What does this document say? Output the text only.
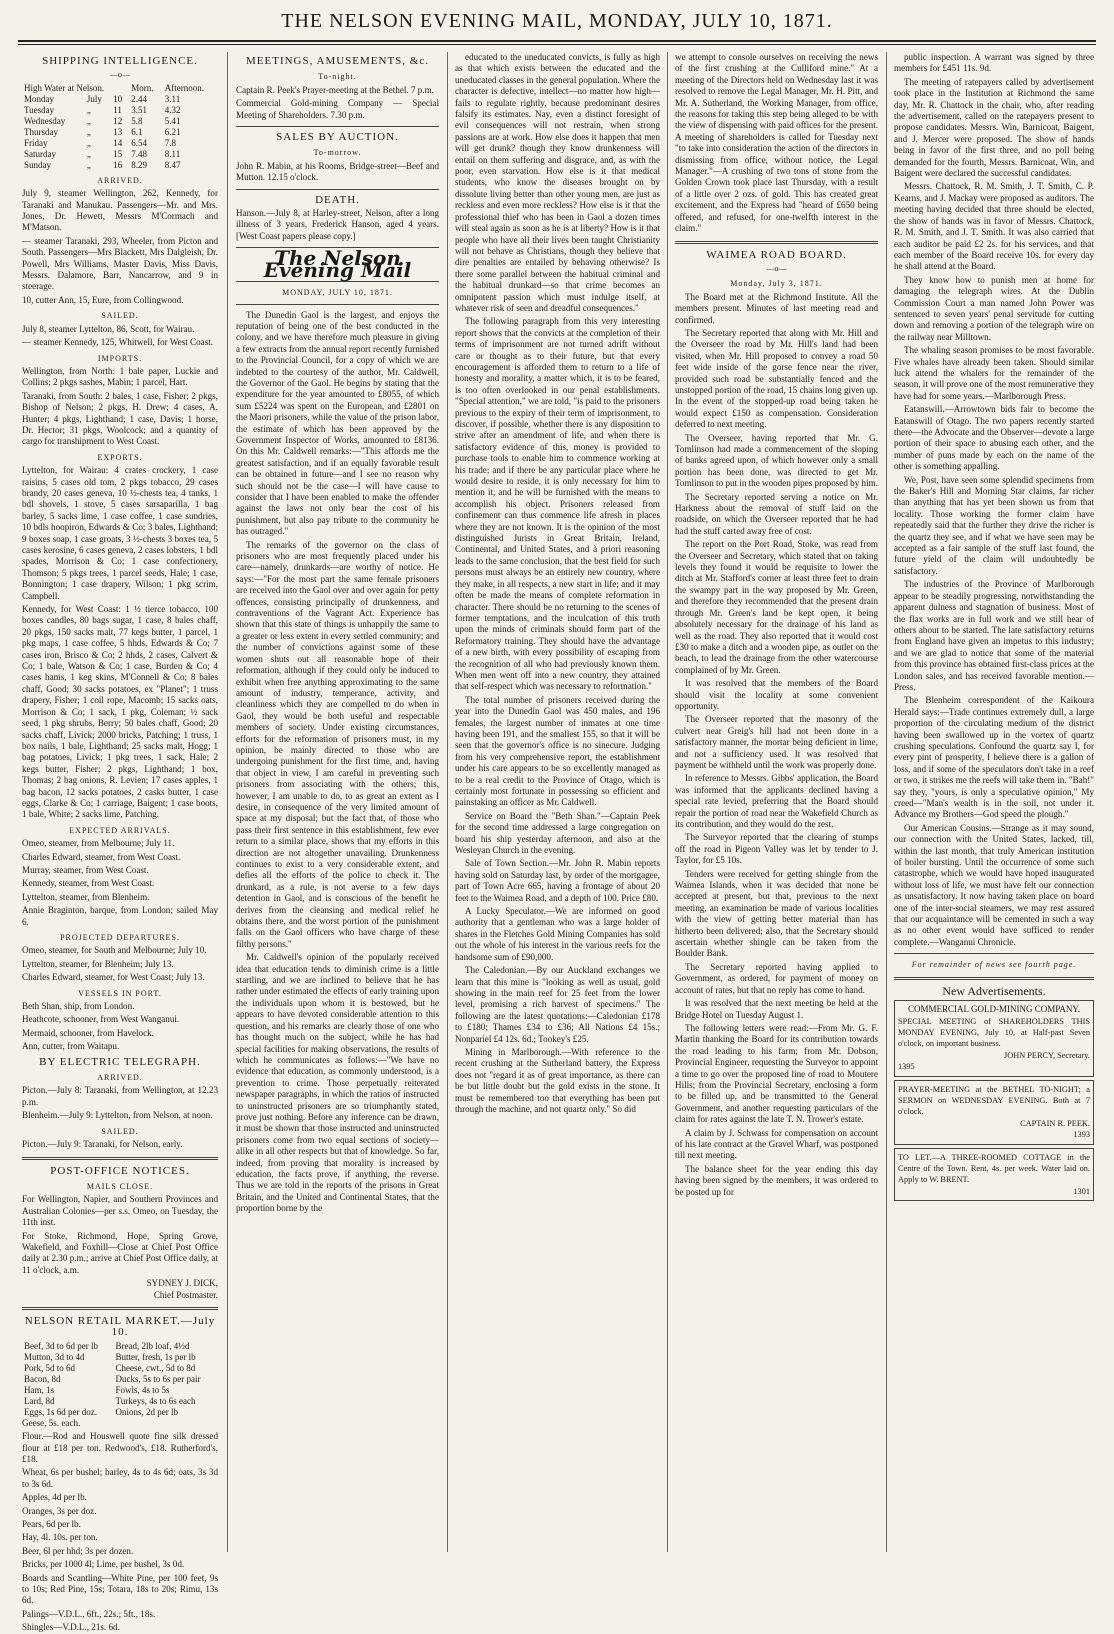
THE NELSON EVENING MAIL, MONDAY, JULY 10, 1871.
SHIPPING INTELLIGENCE.
—o—
High Water at Nelson.			Morn.	Afternoon.
Monday	July	10	2.44	3.11
Tuesday	„	11	3.51	4.32
Wednesday	„	12	5.8	5.41
Thursday	„	13	6.1	6.21
Friday	„	14	6.54	7.8
Saturday	„	15	7.48	8.11
Sunday	„	16	8.29	8.47
ARRIVED.

July 9, steamer Wellington, 262, Kennedy, for Taranaki and Manukau. Passengers—Mr. and Mrs. Jones, Dr. Hewett, Messrs M'Cormach and M'Matson.

— steamer Taranaki, 293, Wheeler, from Picton and South. Passengers—Mrs Blackett, Mrs Dalgleish, Dr. Powell, Mrs Williams, Master Davis, Miss Davis, Messrs. Dalamore, Barr, Nancarrow, and 9 in steerage.

10, cutter Ann, 15, Eure, from Collingwood.

SAILED.

July 8, steamer Lyttelton, 86, Scott, for Wairau.

— steamer Kennedy, 125, Whitwell, for West Coast.

IMPORTS.

Wellington, from North: 1 bale paper, Luckie and Collins; 2 pkgs sashes, Mabin; 1 parcel, Hart.

Taranaki, from South: 2 bales, 1 case, Fisher; 2 pkgs, Bishop of Nelson; 2 pkgs, H. Drew; 4 cases, A. Hunter; 4 pkgs, Lighthand; 1 case, Davis; 1 horse, Dr. Hector; 31 pkgs, Woolcock; and a quantity of cargo for transhipment to West Coast.

EXPORTS.

Lyttelton, for Wairau: 4 crates crockery, 1 case raisins, 5 cases old tom, 2 pkgs tobacco, 29 cases brandy, 20 cases geneva, 10 ½-chests tea, 4 tanks, 1 bdl shovels, 1 stove, 5 cases sarsaparilla, 1 bag barley, 5 sacks lime, 1 case coffee, 1 case sundries, 10 bdls hoopiron, Edwards & Co; 3 bales, Lighthand; 9 boxes soap, 1 case groats, 3 ½-chests 3 boxes tea, 5 cases kerosine, 6 cases geneva, 2 cases lobsters, 1 bdl spades, Morrison & Co; 1 case confectionery, Thomson; 5 pkgs trees, 1 parcel seeds, Hale; 1 case, Bonnington; 1 case drapery, Wilson; 1 pkg scrim, Campbell.

Kennedy, for West Coast: 1 ½ tierce tobacco, 100 boxes candles, 80 bags sugar, 1 case, 8 bales chaff, 20 pkgs, 150 sacks malt, 77 kegs butter, 1 parcel, 1 pkg maps, 1 case coffee, 5 hhds, Edwards & Co; 7 cases iron, Brisco & Co; 2 hhds, 2 cases, Calvert & Co; 1 bale, Watson & Co; 1 case, Burden & Co; 4 cases hams, 1 keg skins, M'Connell & Co; 8 bales chaff, Good; 30 sacks potatoes, ex "Planet"; 1 truss drapery, Fisher; 1 coil rope, Macomb; 15 sacks oats, Morrison & Co; 1 sack, 1 pkg, Coleman; ½ sack seed, 1 pkg shrubs, Berry; 50 bales chaff, Good; 20 sacks chaff, Livick; 2000 bricks, Patching; 1 truss, 1 box nails, 1 bale, Lighthand; 25 sacks malt, Hogg; 1 bag potatoes, Livick; 1 pkg trees, 1 sack, Hale; 2 kegs butter, Fisher; 2 pkgs, Lighthand; 1 box, Thomas; 2 bag onions, R. Levien; 17 cases apples, 1 bag bacon, 12 sacks potatoes, 2 casks butter, 1 case eggs, Clarke & Co; 1 carriage, Baigent; 1 case boots, 1 bale, White; 2 sacks lime, Patching.

EXPECTED ARRIVALS.

Omeo, steamer, from Melbourne; July 11.

Charles Edward, steamer, from West Coast.

Murray, steamer, from West Coast.

Kennedy, steamer, from West Coast.

Lyttelton, steamer, from Blenheim.

Annie Braginton, barque, from London; sailed May 6.

PROJECTED DEPARTURES.

Omeo, steamer, for South and Melbourne; July 10.

Lyttelton, steamer, for Blenheim; July 13.

Charles Edward, steamer, for West Coast; July 13.

VESSELS IN PORT.

Beth Shan, ship, from London.

Heathcote, schooner, from West Wanganui.

Mermaid, schooner, from Havelock.

Ann, cutter, from Waitapu.

BY ELECTRIC TELEGRAPH.
ARRIVED.

Picton.—July 8: Taranaki, from Wellington, at 12.23 p.m.

Blenheim.—July 9: Lyttelton, from Nelson, at noon.

SAILED.

Picton.—July 9: Taranaki, for Nelson, early.

POST-OFFICE NOTICES.
MAILS CLOSE.

For Wellington, Napier, and Southern Provinces and Australian Colonies—per s.s. Omeo, on Tuesday, the 11th inst.

For Stoke, Richmond, Hope, Spring Grove, Wakefield, and Foxhill—Close at Chief Post Office daily at 2.30 p.m.; arrive at Chief Post Office daily, at 11 o'clock, a.m.

SYDNEY J. DICK,
Chief Postmaster.
NELSON RETAIL MARKET.—July 10.
Beef, 3d to 6d per lb	Bread, 2lb loaf, 4½d
Mutton, 3d to 4d	Butter, fresh, 1s per lb
Pork, 5d to 6d	Cheese, cwt., 5d to 8d
Bacon, 8d	Ducks, 5s to 6s per pair
Ham, 1s	Fowls, 4s to 5s
Lard, 8d	Turkeys, 4s to 6s each
Eggs, 1s 6d per doz.	Onions, 2d per lb

Geese, 5s. each.

Flour.—Rod and Houswell quote fine silk dressed flour at £18 per ton. Redwood's, £18. Rutherford's, £18.

Wheat, 6s per bushel; barley, 4s to 4s 6d; oats, 3s 3d to 3s 6d.

Apples, 4d per lb.

Oranges, 3s per doz.

Pears, 6d per lb.

Hay, 4l. 10s. per ton.

Beer, 6l per hhd; 3s per dozen.

Bricks, per 1000 4l; Lime, per bushel, 3s 0d.

Boards and Scantling—White Pine, per 100 feet, 9s to 10s; Red Pine, 15s; Totara, 18s to 20s; Rimu, 13s 6d.

Palings—V.D.L., 6ft., 22s.; 5ft., 18s.

Shingles—V.D.L., 21s. 6d.

MEETINGS, AMUSEMENTS, &c.
To-night.

Captain R. Peek's Prayer-meeting at the Bethel. 7 p.m.

Commercial Gold-mining Company — Special Meeting of Shareholders. 7.30 p.m.

SALES BY AUCTION.
To-morrow.

John R. Mabin, at his Rooms, Bridge-street—Beef and Mutton. 12.15 o'clock.

DEATH.

Hanson.—July 8, at Harley-street, Nelson, after a long illness of 3 years, Frederick Hanson, aged 4 years. [West Coast papers please copy.]

The Nelson Evening Mail
MONDAY, JULY 10, 1871.

The Dunedin Gaol is the largest, and enjoys the reputation of being one of the best conducted in the colony, and we have therefore much pleasure in giving a few extracts from the annual report recently furnished to the Provincial Council, for a copy of which we are indebted to the courtesy of the author, Mr. Caldwell, the Governor of the Gaol. He begins by stating that the expenditure for the year amounted to £8055, of which sum £5224 was spent on the European, and £2801 on the Maori prisoners, while the value of the prison labor, the estimate of which has been approved by the Government Inspector of Works, amounted to £8136. On this Mr. Caldwell remarks:—"This affords me the greatest satisfaction, and if an equally favorable result can be obtained in future—and I see no reason why such should not be the case—I will have cause to consider that I have been enabled to make the offender against the laws not only bear the cost of his punishment, but also pay tribute to the community he has outraged."

The remarks of the governor on the class of prisoners who are most frequently placed under his care—namely, drunkards—are worthy of notice. He says:—"For the most part the same female prisoners are received into the Gaol over and over again for petty offences, consisting principally of drunkenness, and contraventions of the Vagrant Act. Experience has shown that this state of things is unhappily the same to a greater or less extent in every settled community; and the number of convictions against some of these women shuts out all reasonable hope of their reformation, although if they could only be induced to exhibit when free anything approximating to the same amount of industry, temperance, activity, and cleanliness which they are compelled to do when in Gaol, they would be both useful and respectable members of society. Under existing circumstances, efforts for the reformation of prisoners must, in my opinion, be mainly directed to those who are undergoing punishment for the first time, and, having that object in view, I am careful in preventing such prisoners from associating with the others; this, however, I am unable to do, to as great an extent as I desire, in consequence of the very limited amount of space at my disposal; but the fact that, of those who pass their first sentence in this establishment, few ever return to a similar place, shows that my efforts in this direction are not altogether unavailing. Drunkenness continues to exist to a very considerable extent, and defies all the efforts of the police to check it. The drunkard, as a rule, is not averse to a few days detention in Gaol, and is conscious of the benefit he derives from the cleansing and medical relief he obtains there, and the worst portion of the punishment falls on the Gaol officers who have charge of these filthy persons."

Mr. Caldwell's opinion of the popularly received idea that education tends to diminish crime is a little startling, and we are inclined to believe that he has rather under estimated the effects of early training upon the individuals upon whom it is bestowed, but he appears to have devoted considerable attention to this question, and his remarks are clearly those of one who has thought much on the subject, while he has had special facilities for making observations, the results of which he communicates as follows:—"We have no evidence that education, as commonly understood, is a prevention to crime. Those perpetually reiterated newspaper paragraphs, in which the ratios of instructed to uninstructed prisoners are so triumphantly stated, prove just nothing. Before any inference can be drawn, it must be shown that those instructed and uninstructed prisoners come from two equal sections of society—alike in all other respects but that of knowledge. So far, indeed, from proving that morality is increased by education, the facts prove, if anything, the reverse. Thus we are told in the reports of the prisons in Great Britain, and the United and Continental States, that the proportion borne by the

educated to the uneducated convicts, is fully as high as that which exists between the educated and the uneducated classes in the general population. Where the character is defective, intellect—no matter how high—fails to regulate rightly, because predominant desires falsify its estimates. Nay, even a distinct foresight of evil consequences will not restrain, when strong passions are at work. How else does it happen that men will get drunk? though they know drunkenness will entail on them suffering and disgrace, and, as with the poor, even starvation. How else is it that medical students, who know the diseases brought on by dissolute living better than other young men, are just as reckless and even more reckless? How else is it that the professional thief who has been in Gaol a dozen times will steal again as soon as he is at liberty? How is it that people who have all their lives been taught Christianity will not behave as Christians, though they believe that dire penalties are entailed by behaving otherwise? Is there some parallel between the habitual criminal and the habitual drunkard—so that crime becomes an omnipotent passion which must indulge itself, at whatever risk of seen and dreadful consequences."

The following paragraph from this very interesting report shows that the convicts at the completion of their terms of imprisonment are not turned adrift without care or thought as to their future, but that every encouragement is afforded them to return to a life of honesty and morality, a matter which, it is to be feared, is too often overlooked in our penal establishments. "Special attention," we are told, "is paid to the prisoners previous to the expiry of their term of imprisonment, to discover, if possible, whether there is any disposition to strive after an amendment of life, and when there is satisfactory evidence of this, money is provided to purchase tools to enable him to commence working at his trade; and if there be any particular place where he would desire to reside, it is only necessary for him to mention it, and he will be furnished with the means to accomplish his object. Prisoners released from confinement can thus commence life afresh in places where they are not known. It is the opinion of the most distinguished Jurists in Great Britain, Ireland, Continental, and United States, and à priori reasoning leads to the same conclusion, that the best field for such persons must always be an entirely new country, where they make, in all respects, a new start in life; and it may often be made the means of complete reformation in character. There should be no returning to the scenes of former temptations, and the inculcation of this truth upon the minds of criminals should form part of the Reformatory training. They should have the advantage of a new birth, with every possibility of escaping from the recognition of all who had previously known them. When men went off into a new country, they attained that self-respect which was necessary to reformation."

The total number of prisoners received during the year into the Dunedin Gaol was 450 males, and 196 females, the largest number of inmates at one time having been 191, and the smallest 155, so that it will be seen that the governor's office is no sinecure. Judging from his very comprehensive report, the establishment under his care appears to be so excellently managed as to be a real credit to the Province of Otago, which is certainly most fortunate in possessing so efficient and painstaking an officer as Mr. Caldwell.

Service on Board the "Beth Shan."—Captain Peek for the second time addressed a large congregation on board his ship yesterday afternoon, and also at the Wesleyan Church in the evening.

Sale of Town Section.—Mr. John R. Mabin reports having sold on Saturday last, by order of the mortgagee, part of Town Acre 665, having a frontage of about 20 feet to the Waimea Road, and a depth of 100. Price £80.

A Lucky Speculator.—We are informed on good authority that a gentleman who was a large holder of shares in the Fletches Gold Mining Companies has sold out the whole of his interest in the various reefs for the handsome sum of £90,000.

The Caledonian.—By our Auckland exchanges we learn that this mine is "looking as well as usual, gold showing in the main reef for 25 feet from the lower level, promising a rich harvest of specimens." The following are the latest quotations:—Caledonian £178 to £180; Thames £34 to £36; All Nations £4 15s.; Nonpariel £4 12s. 6d.; Tookey's £25.

Mining in Marlborough.—With reference to the recent crushing at the Sutherland battery, the Express does not "regard it as of great importance, as there can be but little doubt but the gold exists in the stone. It must be remembered too that everything has been put through the machine, and not quartz only." So did

we attempt to console ourselves on receiving the news of the first crushing at the Culliford mine." At a meeting of the Directors held on Wednesday last it was resolved to remove the Legal Manager, Mr. H. Pitt, and Mr. A. Sutherland, the Working Manager, from office, the reasons for taking this step being alleged to be with the view of dispensing with paid offices for the present. A meeting of shareholders is called for Tuesday next "to take into consideration the action of the directors in dismissing from office, without notice, the Legal Manager."—A crushing of two tons of stone from the Golden Crown took place last Thursday, with a result of a little over 2 ozs. of gold. This has created great excitement, and the Express had "heard of £650 being offered, and refused, for one-twelfth interest in the claim."

WAIMEA ROAD BOARD.
—o—
Monday, July 3, 1871.

The Board met at the Richmond Institute. All the members present. Minutes of last meeting read and confirmed.

The Secretary reported that along with Mr. Hill and the Overseer the road by Mr. Hill's land had been visited, when Mr. Hill proposed to convey a road 50 feet wide inside of the gorse fence near the river, provided such road be substantially fenced and the unstopped portion of the road, 15 chains long given up. In the event of the stopped-up road being taken he would expect £150 as compensation. Consideration deferred to next meeting.

The Overseer, having reported that Mr. G. Tomlinson had made a commencement of the sloping of banks agreed upon, of which however only a small portion has been done, was directed to get Mr. Tomlinson to put in the wooden pipes proposed by him.

The Secretary reported serving a notice on Mr. Harkness about the removal of stuff laid on the roadside, on which the Overseer reported that he had had the stuff carted away free of cost.

The report on the Port Road, Stoke, was read from the Overseer and Secretary, which stated that on taking levels they found it would be requisite to lower the ditch at Mr. Stafford's corner at least three feet to drain the swampy part in the way proposed by Mr. Green, and therefore they recommended that the present drain through Mr. Green's land be kept open, it being absolutely necessary for the drainage of his land as well as the road. They also reported that it would cost £30 to make a ditch and a wooden pipe, as outlet on the beach, to lead the drainage from the other watercourse complained of by Mr. Green.

It was resolved that the members of the Board should visit the locality at some convenient opportunity.

The Overseer reported that the masonry of the culvert near Greig's hill had not been done in a satisfactory manner, the mortar being deficient in lime, and not a sufficiency used. It was resolved that payment be withheld until the work was properly done.

In reference to Messrs. Gibbs' application, the Board was informed that the applicants declined having a special rate levied, preferring that the Board should repair the portion of road near the Wakefield Church as its contribution, and they would do the rest.

The Surveyor reported that the clearing of stumps off the road in Pigeon Valley was let by tender to J. Taylor, for £5 10s.

Tenders were received for getting shingle from the Waimea Islands, when it was decided that none be accepted at present, but that, previous to the next meeting, an examination be made of various localities with the view of getting better material than has hitherto been delivered; also, that the Secretary should ascertain whether shingle can be taken from the Boulder Bank.

The Secretary reported having applied to Government, as ordered, for payment of money on account of rates, but that no reply has come to hand.

It was resolved that the next meeting be held at the Bridge Hotel on Tuesday August 1.

The following letters were read:—From Mr. G. F. Martin thanking the Board for its contribution towards the road leading to his farm; from Mr. Dobson, Provincial Engineer, requesting the Surveyor to appoint a time to go over the proposed line of road to Moutere Hills; from the Provincial Secretary, enclosing a form to be filled up, and be transmitted to the General Government, and another requesting particulars of the claim for rates against the late T. N. Trower's estate.

A claim by J. Schwass for compensation on account of his late contract at the Gravel Wharf, was postponed till next meeting.

The balance sheet for the year ending this day having been signed by the members, it was ordered to be posted up for

public inspection. A warrant was signed by three members for £451 11s. 9d.

The meeting of ratepayers called by advertisement took place in the Institution at Richmond the same day, Mr. R. Chattock in the chair, who, after reading the advertisement, called on the ratepayers present to propose candidates. Messrs. Win, Barnicoat, Baigent, and J. Mercer were proposed. The show of hands being in favor of the first three, and no poll being demanded for the fourth, Messrs. Barnicoat, Win, and Baigent were declared the successful candidates.

Messrs. Chattock, R. M. Smith, J. T. Smith, C. P. Kearns, and J. Mackay were proposed as auditors. The meeting having decided that three should be elected, the show of hands was in favor of Messrs. Chattock, R. M. Smith, and J. T. Smith. It was also carried that each auditor be paid £2 2s. for his services, and that each member of the Board receive 10s. for every day he shall attend at the Board.

They know how to punish men at home for damaging the telegraph wires. At the Dublin Commission Court a man named John Power was sentenced to seven years' penal servitude for cutting down and removing a portion of the telegraph wire on the railway near Milltown.

The whaling season promises to be most favorable. Five whales have already been taken. Should similar luck attend the whalers for the remainder of the season, it will prove one of the most remunerative they have had for some years.—Marlborough Press.

Eatanswill.—Arrowtown bids fair to become the Eatanswill of Otago. The two papers recently started there—the Advocate and the Observer—devote a large portion of their space to abusing each other, and the number of puns made by each on the name of the other is something appalling.

We, Post, have seen some splendid specimens from the Baker's Hill and Morning Star claims, far richer than anything that has yet been shown us from that locality. Those working the former claim have repeatedly said that the further they drive the richer is the quartz they see, and if what we have seen may be accepted as a fair sample of the stuff last found, the future yield of the claim will undoubtedly be satisfactory.

The industries of the Province of Marlborough appear to be steadily progressing, notwithstanding the apparent dulness and stagnation of business. Most of the flax works are in full work and we still hear of others about to be started. The late satisfactory returns from England have given an impetus to this industry; and we are glad to notice that some of the material from this province has obtained first-class prices at the London sales, and has received favorable mention.—Press.

The Blenheim correspondent of the Kaikoura Herald says:—Trade continues extremely dull, a large proportion of the circulating medium of the district having been swallowed up in the vortex of quartz crushing speculations. Confound the quartz say I, for every pint of prosperity, I believe there is a gallon of loss, and if some of the speculators don't take in a reef or two, it strikes me the reefs will take them in. "Bah!" say they, "yours, is only a speculative opinion," My creed—"Man's wealth is in the soil, not under it. Advance my Brothers—God speed the plough."

Our American Cousins.—Strange as it may sound, our connection with the United States, lacked, till, within the last month, that truly American institution of boiler bursting. Until the occurrence of some such catastrophe, which we would have hoped inaugurated without loss of life, we must have felt our connection as unsatisfactory. It now having taken place on board one of the inter-social steamers, we may rest assured that our acquaintance will be cemented in such a way as no other event would have sufficed to render complete.—Wanganui Chronicle.

For remainder of news see fourth page.
New Advertisements.
COMMERCIAL GOLD-MINING COMPANY.
SPECIAL MEETING of SHAREHOLDERS THIS MONDAY EVENING, July 10, at Half-past Seven o'clock, on important business.
JOHN PERCY, Secretary.
1395
PRAYER-MEETING at the BETHEL TO-NIGHT; a SERMON on WEDNESDAY EVENING. Both at 7 o'clock.
CAPTAIN R. PEEK.
1393
TO LET.—A THREE-ROOMED COTTAGE in the Centre of the Town. Rent, 4s. per week. Water laid on. Apply to W. BRENT.
1301
